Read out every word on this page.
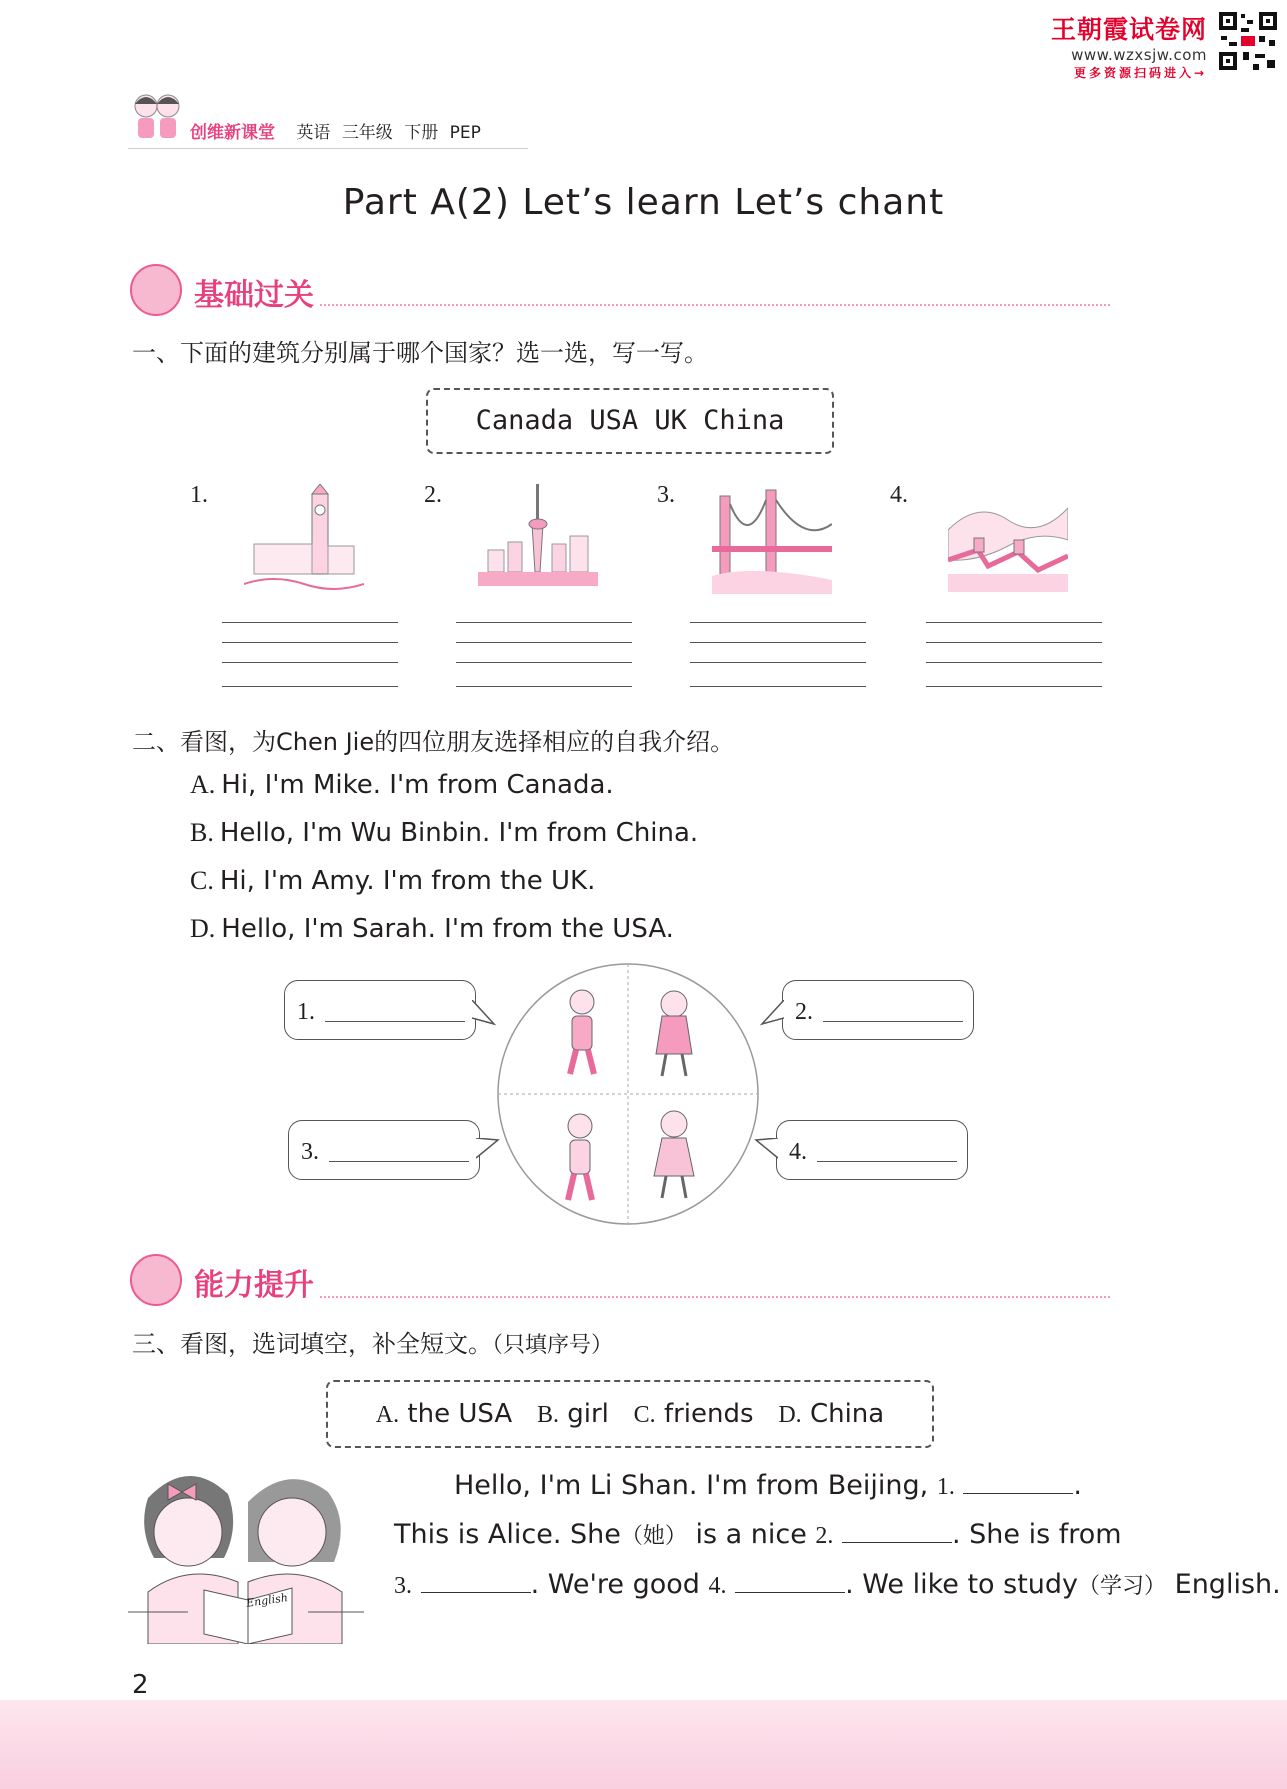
王朝霞试卷网
www.wzxsjw.com
更多资源扫码进入→
创维新课堂 英语 三年级 下册 PEP
Part A(2) Let’s learn Let’s chant
基础过关
一、下面的建筑分别属于哪个国家？选一选，写一写。
Canada USA UK China
1.	2.	3.	4.
二、看图，为Chen Jie的四位朋友选择相应的自我介绍。
A. Hi, I'm Mike. I'm from Canada.
B. Hello, I'm Wu Binbin. I'm from China.
C. Hi, I'm Amy. I'm from the UK.
D. Hello, I'm Sarah. I'm from the USA.
1.	2.
3.	4.
能力提升
三、看图，选词填空，补全短文。（只填序号）
A. the USA B. girl C. friends D. China
English
Hello, I'm Li Shan. I'm from Beijing, 1.	.
This is Alice. She（她） is a nice 2.	. She is from
3.	. We're good 4.	. We like to study（学习） English.
2
